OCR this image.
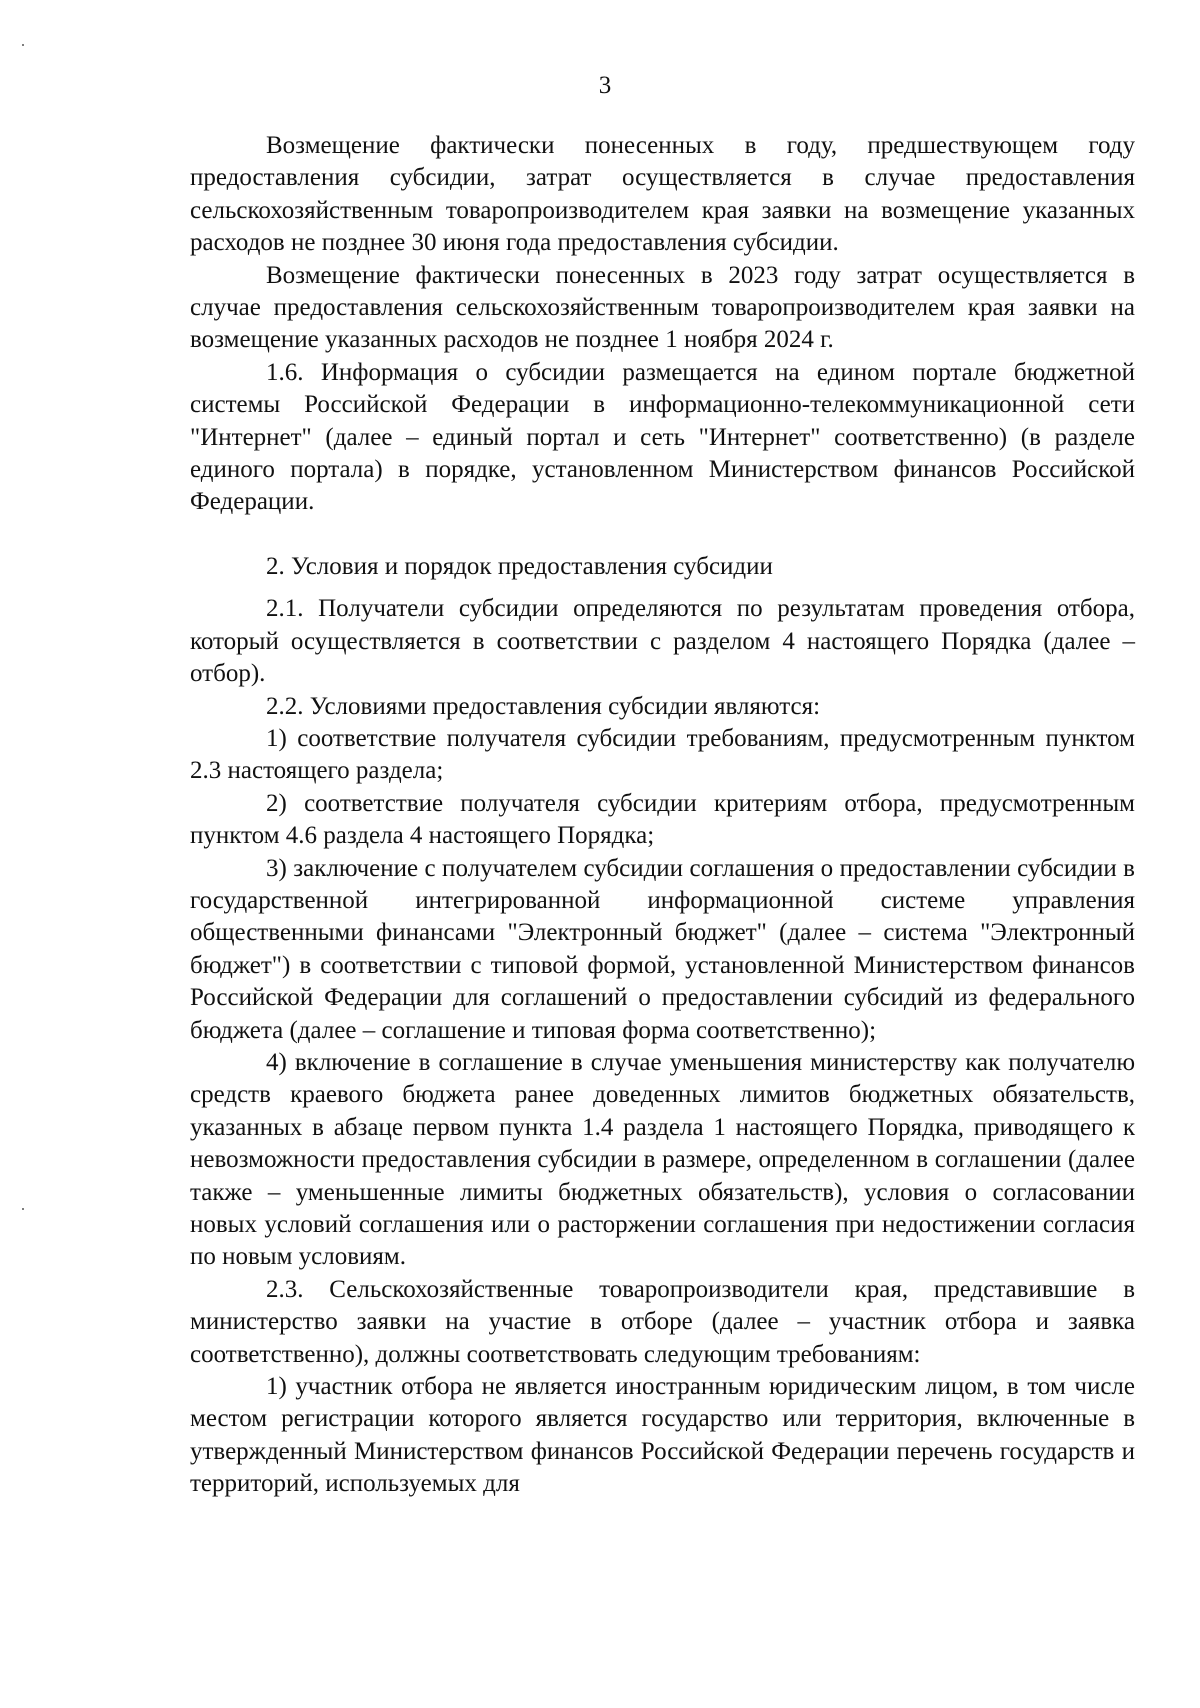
3

Возмещение фактически понесенных в году, предшествующем году предоставления субсидии, затрат осуществляется в случае предоставления сельскохозяйственным товаропроизводителем края заявки на возмещение указанных расходов не позднее 30 июня года предоставления субсидии.

Возмещение фактически понесенных в 2023 году затрат осуществляется в случае предоставления сельскохозяйственным товаропроизводителем края заявки на возмещение указанных расходов не позднее 1 ноября 2024 г.

1.6. Информация о субсидии размещается на едином портале бюджетной системы Российской Федерации в информационно-телекоммуникационной сети "Интернет" (далее – единый портал и сеть "Интернет" соответственно) (в разделе единого портала) в порядке, установленном Министерством финансов Российской Федерации.

2. Условия и порядок предоставления субсидии

2.1. Получатели субсидии определяются по результатам проведения отбора, который осуществляется в соответствии с разделом 4 настоящего Порядка (далее – отбор).

2.2. Условиями предоставления субсидии являются:

1) соответствие получателя субсидии требованиям, предусмотренным пунктом 2.3 настоящего раздела;

2) соответствие получателя субсидии критериям отбора, предусмотренным пунктом 4.6 раздела 4 настоящего Порядка;

3) заключение с получателем субсидии соглашения о предоставлении субсидии в государственной интегрированной информационной системе управления общественными финансами "Электронный бюджет" (далее – система "Электронный бюджет") в соответствии с типовой формой, установленной Министерством финансов Российской Федерации для соглашений о предоставлении субсидий из федерального бюджета (далее – соглашение и типовая форма соответственно);

4) включение в соглашение в случае уменьшения министерству как получателю средств краевого бюджета ранее доведенных лимитов бюджетных обязательств, указанных в абзаце первом пункта 1.4 раздела 1 настоящего Порядка, приводящего к невозможности предоставления субсидии в размере, определенном в соглашении (далее также – уменьшенные лимиты бюджетных обязательств), условия о согласовании новых условий соглашения или о расторжении соглашения при недостижении согласия по новым условиям.

2.3. Сельскохозяйственные товаропроизводители края, представившие в министерство заявки на участие в отборе (далее – участник отбора и заявка соответственно), должны соответствовать следующим требованиям:

1) участник отбора не является иностранным юридическим лицом, в том числе местом регистрации которого является государство или территория, включенные в утвержденный Министерством финансов Российской Федерации перечень государств и территорий, используемых для
